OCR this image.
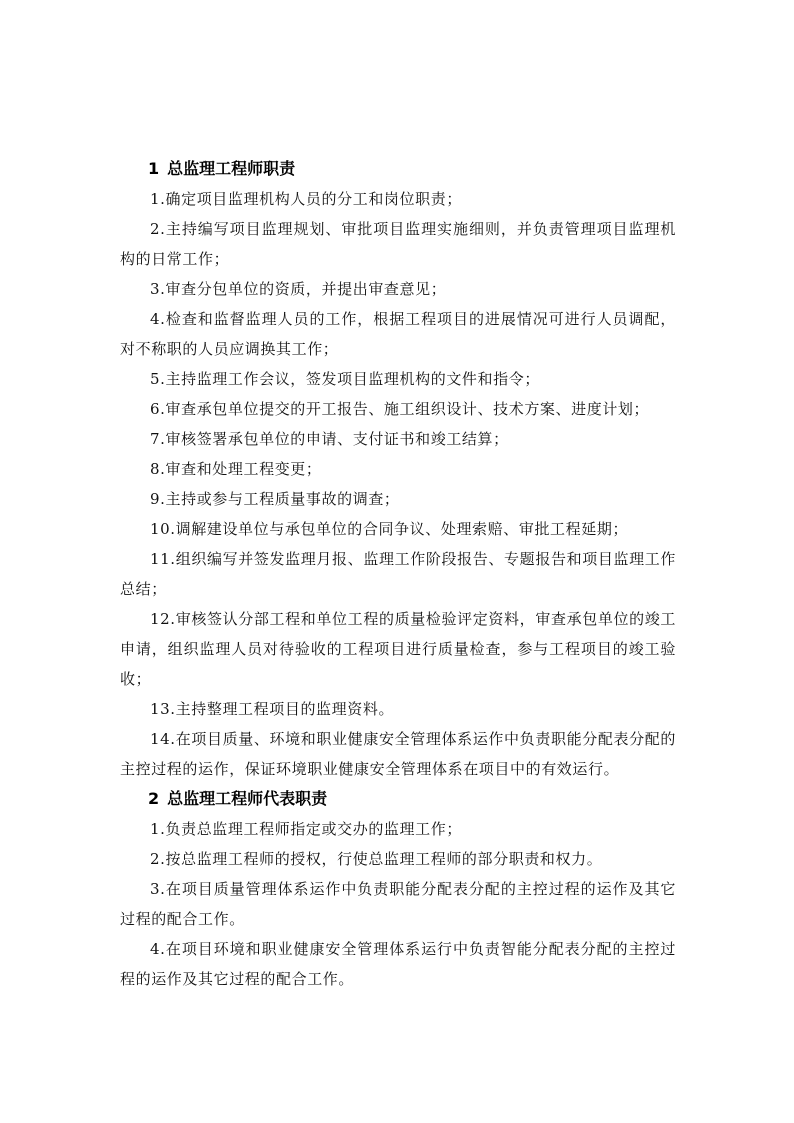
1 总监理工程师职责

1.确定项目监理机构人员的分工和岗位职责；

2.主持编写项目监理规划、审批项目监理实施细则，并负责管理项目监理机构的日常工作；

3.审查分包单位的资质，并提出审查意见；

4.检查和监督监理人员的工作，根据工程项目的进展情况可进行人员调配，对不称职的人员应调换其工作；

5.主持监理工作会议，签发项目监理机构的文件和指令；

6.审查承包单位提交的开工报告、施工组织设计、技术方案、进度计划；

7.审核签署承包单位的申请、支付证书和竣工结算；

8.审查和处理工程变更；

9.主持或参与工程质量事故的调查；

10.调解建设单位与承包单位的合同争议、处理索赔、审批工程延期；

11.组织编写并签发监理月报、监理工作阶段报告、专题报告和项目监理工作总结；

12.审核签认分部工程和单位工程的质量检验评定资料，审查承包单位的竣工申请，组织监理人员对待验收的工程项目进行质量检查，参与工程项目的竣工验收；

13.主持整理工程项目的监理资料。

14.在项目质量、环境和职业健康安全管理体系运作中负责职能分配表分配的主控过程的运作，保证环境职业健康安全管理体系在项目中的有效运行。

2 总监理工程师代表职责

1.负责总监理工程师指定或交办的监理工作；

2.按总监理工程师的授权，行使总监理工程师的部分职责和权力。

3.在项目质量管理体系运作中负责职能分配表分配的主控过程的运作及其它过程的配合工作。

4.在项目环境和职业健康安全管理体系运行中负责智能分配表分配的主控过程的运作及其它过程的配合工作。
